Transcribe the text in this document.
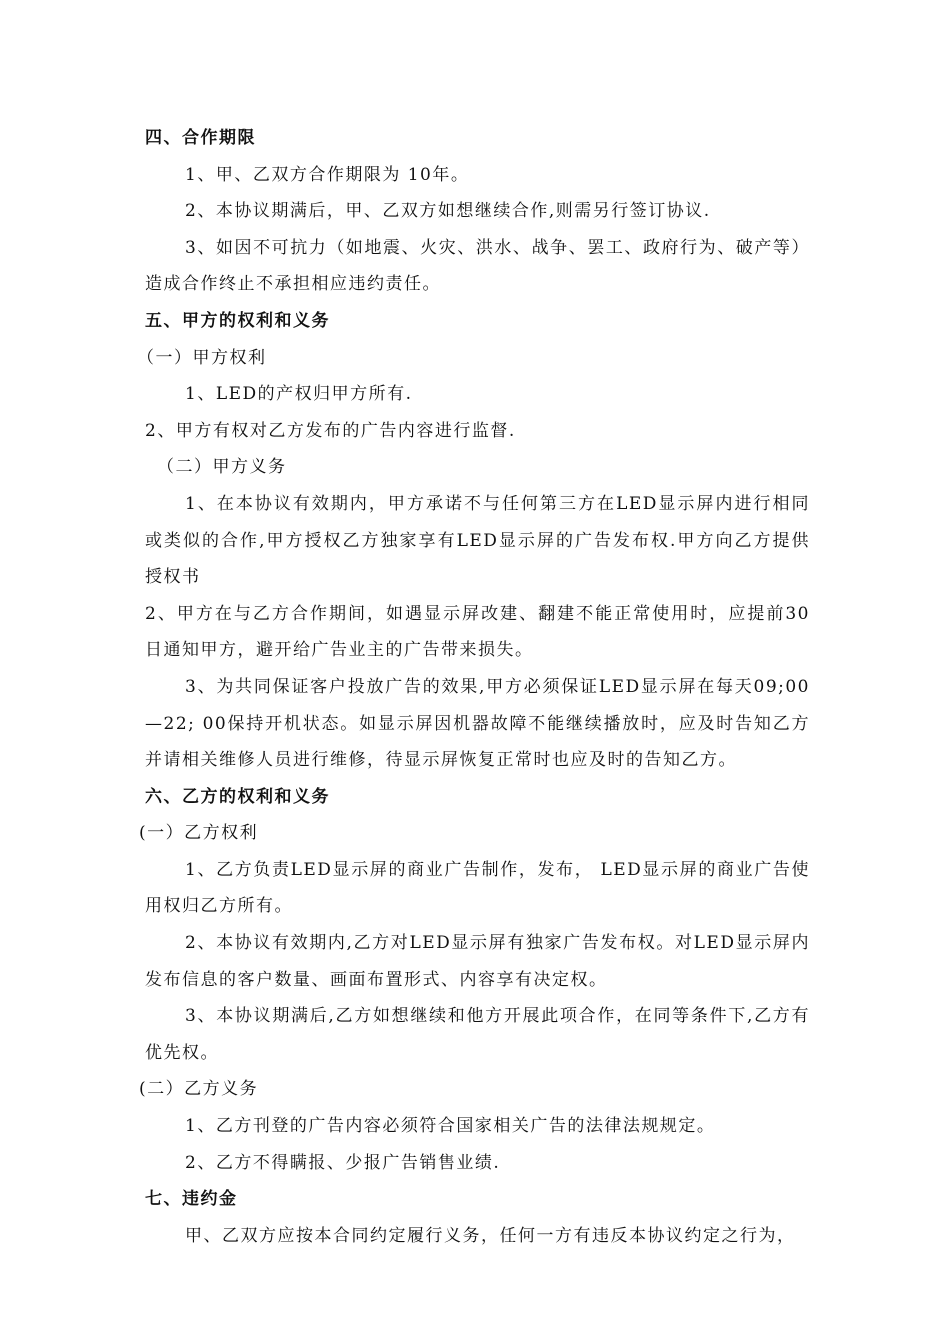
四、合作期限

1、甲、乙双方合作期限为 10年。

2、本协议期满后，甲、乙双方如想继续合作,则需另行签订协议.

3、如因不可抗力（如地震、火灾、洪水、战争、罢工、政府行为、破产等）造成合作终止不承担相应违约责任。

五、甲方的权利和义务

（一）甲方权利

1、LED的产权归甲方所有.

2、甲方有权对乙方发布的广告内容进行监督.

（二）甲方义务

1、在本协议有效期内，甲方承诺不与任何第三方在LED显示屏内进行相同或类似的合作,甲方授权乙方独家享有LED显示屏的广告发布权.甲方向乙方提供授权书

2、甲方在与乙方合作期间，如遇显示屏改建、翻建不能正常使用时，应提前30日通知甲方，避开给广告业主的广告带来损失。

3、为共同保证客户投放广告的效果,甲方必须保证LED显示屏在每天09;00—22; 00保持开机状态。如显示屏因机器故障不能继续播放时，应及时告知乙方并请相关维修人员进行维修，待显示屏恢复正常时也应及时的告知乙方。

六、乙方的权利和义务

(一）乙方权利

1、乙方负责LED显示屏的商业广告制作，发布， LED显示屏的商业广告使用权归乙方所有。

2、本协议有效期内,乙方对LED显示屏有独家广告发布权。对LED显示屏内发布信息的客户数量、画面布置形式、内容享有决定权。

3、本协议期满后,乙方如想继续和他方开展此项合作，在同等条件下,乙方有优先权。

(二）乙方义务

1、乙方刊登的广告内容必须符合国家相关广告的法律法规规定。

2、乙方不得瞒报、少报广告销售业绩.

七、违约金

甲、乙双方应按本合同约定履行义务，任何一方有违反本协议约定之行为，
